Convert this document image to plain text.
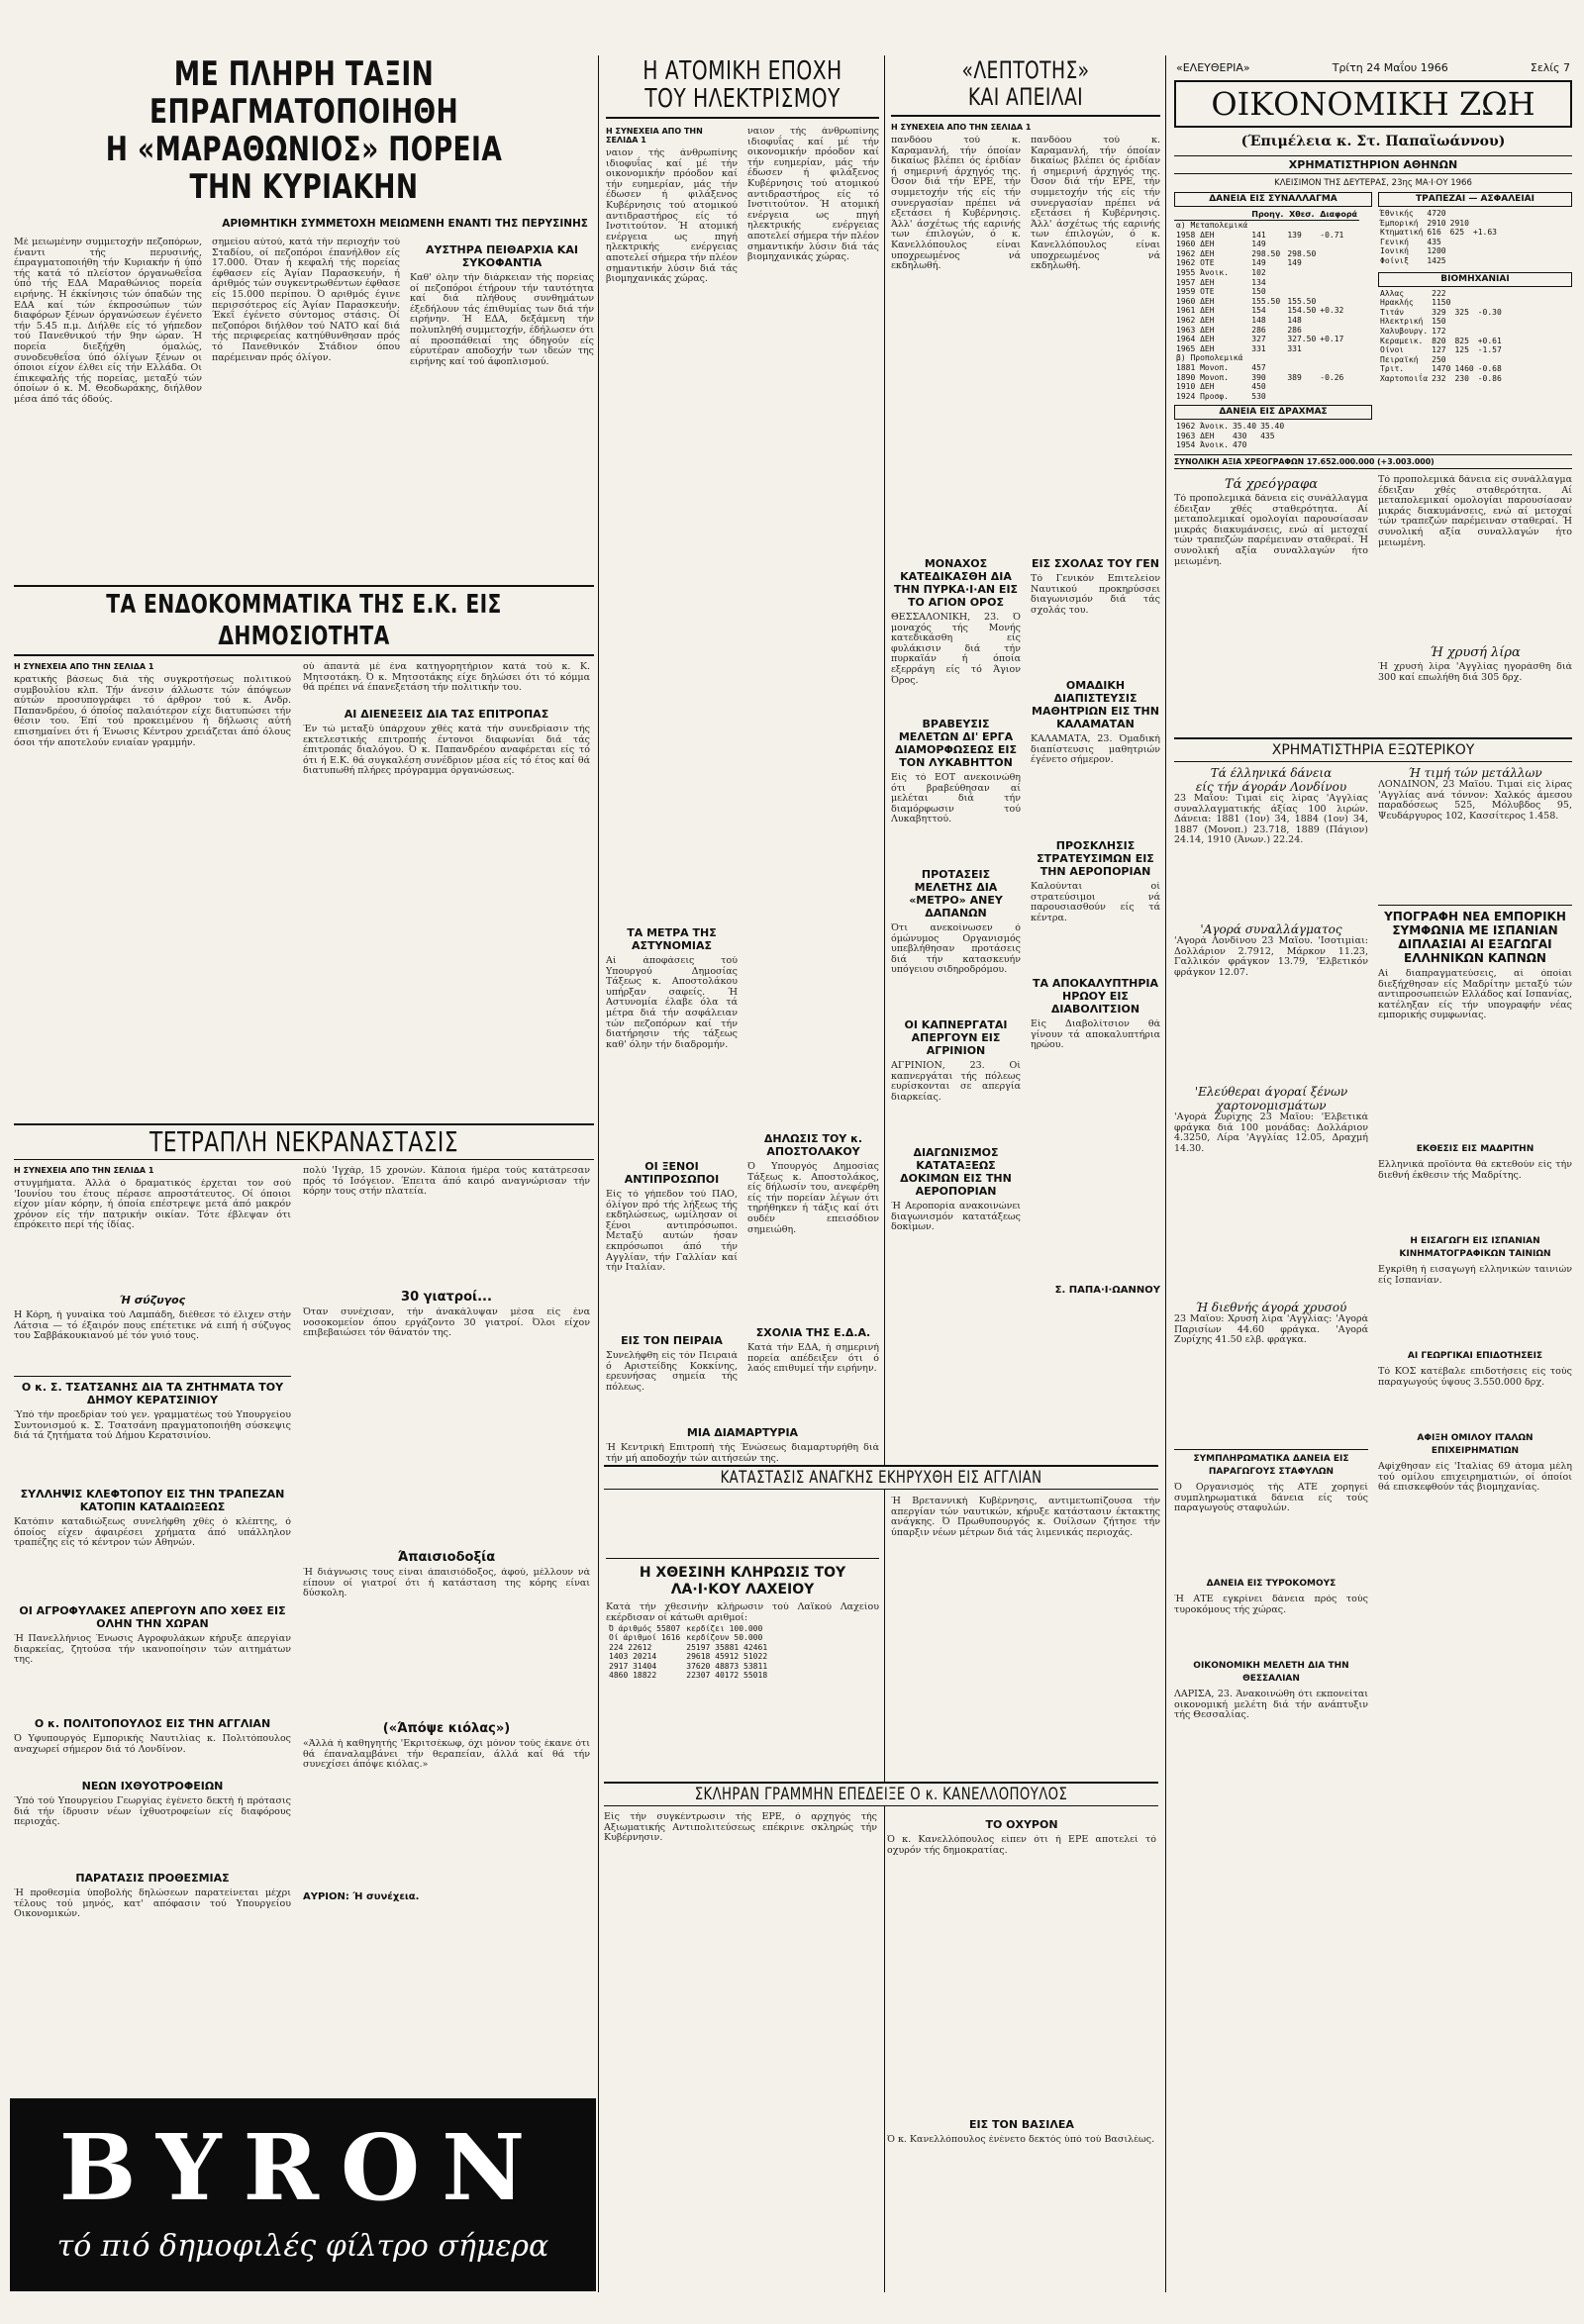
ΜΕ ΠΛΗΡΗ ΤΑΞΙΝ ΕΠΡΑΓΜΑΤΟΠΟΙΗΘΗ
Η «ΜΑΡΑΘΩΝΙΟΣ» ΠΟΡΕΙΑ ΤΗΝ ΚΥΡΙΑΚΗΝ
ΑΡΙΘΜΗΤΙΚΗ ΣΥΜΜΕΤΟΧΗ ΜΕΙΩΜΕΝΗ ΕΝΑΝΤΙ ΤΗΣ ΠΕΡΥΣΙΝΗΣ
Μέ μειωμένην συμμετοχήν πεζοπόρων, έναντι τής περυσινής, έπραγματοποιήθη τήν Κυριακήν ή ύπό τής κατά τό πλείστον όργανωθεΐσα ύπό τής ΕΔΑ Μαραθώνιος πορεία ειρήνης. Ή έκκίνησις τών όπαδών της ΕΔΑ καί τών έκπροσώπων τών διαφόρων ξένων όργανώσεων έγένετο τήν 5.45 π.μ. Διήλθε είς τό γήπεδον τού Πανεθνικού τήν 9ην ώραν. Ή πορεία διεξήχθη όμαλώς, συνοδευθεΐσα ύπό όλίγων ξένων οι όποιοι είχον έλθει είς τήν Ελλάδα. Οι έπικεφαλής τής πορείας, μεταξύ τών όποίων ό κ. Μ. Θεοδωράκης, διήλθον μέσα άπό τάς όδούς.
σημείου αύτού, κατά τήν περιοχήν τού Σταδίου, οί πεζοπόροι έπανήλθον είς 17.000. Όταν ή κεφαλή τής πορείας έφθασεν είς Άγίαν Παρασκευήν, ή άριθμός τών συγκεντρωθέντων έφθασε είς 15.000 περίπου. Ό αριθμός έγινε περισσότερος είς Άγίαν Παρασκευήν. Έκεΐ έγένετο σύντομος στάσις. Οί πεζοπόροι διήλθον τού ΝΑΤΟ καί διά τής περιφερείας κατηύθυνθησαν πρός τό Πανεθνικόν Στάδιον όπου παρέμειναν πρός όλίγον.
ΑΥΣΤΗΡΑ ΠΕΙΘΑΡΧΙΑ ΚΑΙ ΣΥΚΟΦΑΝΤΙΑ
Καθ' όλην τήν διάρκειαν τής πορείας οί πεζοπόροι έτήρουν τήν ταυτότητα καί διά πλήθους συνθημάτων έξεδήλουν τάς έπιθυμίας των διά τήν ειρήνην. Ή ΕΔΑ, δεξάμενη τήν πολυπληθή συμμετοχήν, έδήλωσεν ότι αί προσπάθειαί της όδηγούν είς εύρυτέραν αποδοχήν των ιδεών της ειρήνης καί τού άφοπλισμού.
ΤΑ ΕΝΔΟΚΟΜΜΑΤΙΚΑ ΤΗΣ Ε.Κ. ΕΙΣ ΔΗΜΟΣΙΟΤΗΤΑ
Η ΣΥΝΕΧΕΙΑ ΑΠΟ ΤΗΝ ΣΕΛΙΔΑ 1
κρατικής βάσεως διά τής συγκροτήσεως πολιτικού συμβουλίου κλπ. Τήν άνεσιν άλλωστε τών άπόψεων αύτών προσυπογράφει τό άρθρον τού κ. Ανδρ. Παπανδρέου, ό όποίος παλαιότερον είχε διατυπώσει τήν θέσιν του. Έπί τού προκειμένου ή δήλωσις αύτή επισημαίνει ότι ή Ένωσις Κέντρου χρειάζεται άπό όλους όσοι τήν αποτελούν ενιαίαν γραμμήν.
ού άπαντά μέ ένα κατηγορητήριον κατά τού κ. Κ. Μητσοτάκη. Ό κ. Μητσοτάκης είχε δηλώσει ότι τό κόμμα θά πρέπει νά έπανεξετάση τήν πολιτικήν του.
ΑΙ ΔΙΕΝΕΞΕΙΣ ΔΙΑ ΤΑΣ ΕΠΙΤΡΟΠΑΣ
Έν τώ μεταξύ ύπάρχουν χθές κατά τήν συνεδρίασιν τής εκτελεστικής επιτροπής έντονοι διαφωνίαι διά τάς έπιτροπάς διαλόγου. Ό κ. Παπανδρέου αναφέρεται είς τό ότι ή Ε.Κ. θά συγκαλέση συνέδριον μέσα είς τό έτος καί θά διατυπωθή πλήρες πρόγραμμα όργανώσεως.
ΤΕΤΡΑΠΛΗ ΝΕΚΡΑΝΑΣΤΑΣΙΣ
Η ΣΥΝΕΧΕΙΑ ΑΠΟ ΤΗΝ ΣΕΛΙΔΑ 1
στυγμήματα. Άλλά ό δραματικός έρχεται τον σού 'Ιουνίου του έτους πέρασε απροστάτευτος. Οί όποιοι είχον μίαν κόρην, ή όποία επέστρεψε μετά άπό μακρόν χρόνον είς τήν πατρικήν οικίαν. Τότε έβλεψαν ότι έπρόκειτο περί τής ίδίας.
Ή σύζυγος
Η Κόρη, ή γυναίκα τού Λαμπάδη, διέθεσε τό έλιχεν στήν Λάτσια — τό έξαιρόν πους επέτετικε νά ειπή ή σύζυγος του Σαββάκουκιανού μέ τόν γυιό τους.
Ο κ. Σ. ΤΣΑΤΣΑΝΗΣ ΔΙΑ ΤΑ ΖΗΤΗΜΑΤΑ ΤΟΥ ΔΗΜΟΥ ΚΕΡΑΤΣΙΝΙΟΥ
Ύπό τήν προεδρίαν τού γεν. γραμματέως τού Υπουργείου Συντονισμού κ. Σ. Τσατσάνη πραγματοποιήθη σύσκεψις διά τά ζητήματα τού Δήμου Κερατσινίου.
ΣΥΛΛΗΨΙΣ ΚΛΕΦΤΟΠΟΥ ΕΙΣ ΤΗΝ ΤΡΑΠΕΖΑΝ ΚΑΤΟΠΙΝ ΚΑΤΑΔΙΩΞΕΩΣ
Κατόπιν καταδιώξεως συνελήφθη χθές ό κλέπτης, ό όποίος είχεν άφαιρέσει χρήματα άπό υπάλληλον τραπέζης είς τό κέντρον τών Αθηνών.
ΟΙ ΑΓΡΟΦΥΛΑΚΕΣ ΑΠΕΡΓΟΥΝ ΑΠΟ ΧΘΕΣ ΕΙΣ ΟΛΗΝ ΤΗΝ ΧΩΡΑΝ
Ή Πανελλήνιος Ένωσις Αγροφυλάκων κήρυξε άπεργίαν διαρκείας, ζητούσα τήν ικανοποίησιν τών αιτημάτων της.
Ο κ. ΠΟΛΙΤΟΠΟΥΛΟΣ ΕΙΣ ΤΗΝ ΑΓΓΛΙΑΝ
Ό Υφυπουργός Εμπορικής Ναυτιλίας κ. Πολιτόπουλος αναχωρεί σήμερον διά τό Λονδίνον.
ΝΕΩΝ ΙΧΘΥΟΤΡΟΦΕΙΩΝ
Ύπό τού Υπουργείου Γεωργίας έγένετο δεκτή ή πρότασις διά τήν ίδρυσιν νέων ίχθυοτροφείων είς διαφόρους περιοχάς.
ΠΑΡΑΤΑΣΙΣ ΠΡΟΘΕΣΜΙΑΣ
Ή προθεσμία ύποβολής δηλώσεων παρατείνεται μέχρι τέλους τού μηνός, κατ' απόφασιν τού Υπουργείου Οικονομικών.
πολύ 'Ιγχάρ, 15 χρονών. Κάποια ήμέρα τούς κατάτρεσαν πρός τό Ισόγειον. Έπειτα άπό καιρό αναγνώρισαν τήν κόρην τους στήν πλατεία.
30 γιατροί...
Όταν συνέχισαν, τήν άνακάλυψαν μέσα είς ένα νοσοκομείον όπου εργάζοντο 30 γιατροί. Όλοι είχον επιβεβαιώσει τόν θάνατόν της.
Άπαισιοδοξία
Ή διάγνωσις τους είναι άπαισιόδοξος, άφού, μέλλουν νά είπουν οί γιατροί ότι ή κατάσταση της κόρης είναι δύσκολη.
(«Άπόψε κιόλας»)
«Άλλά ή καθηγητής 'Εκριτσέκωφ, όχι μόνον τούς έκανε ότι θά έπαναλαμβάνει τήν θεραπείαν, άλλά καί θά τήν συνεχίσει άπόψε κιόλας.»
ΑΥΡΙΟΝ: Ή συνέχεια.
BYRON
τό πιό δημοφιλές φίλτρο σήμερα
Η ΑΤΟΜΙΚΗ ΕΠΟΧΗ
ΤΟΥ ΗΛΕΚΤΡΙΣΜΟΥ
Η ΣΥΝΕΧΕΙΑ ΑΠΟ ΤΗΝ ΣΕΛΙΔΑ 1
ναιον τής άνθρωπίνης ιδιοφυΐας καί μέ τήν οικονομικήν πρόοδον καί τήν ευημερίαν, μάς τήν έδωσεν ή φιλάξενος Κυβέρνησις τού ατομικού αντιδραστήρος είς τό Ινστιτούτον. Ή ατομική ενέργεια ως πηγή ηλεκτρικής ενέργειας αποτελεί σήμερα τήν πλέον σημαντικήν λύσιν διά τάς βιομηχανικάς χώρας.
ΤΑ ΜΕΤΡΑ ΤΗΣ ΑΣΤΥΝΟΜΙΑΣ
Αί άποφάσεις τού Υπουργού Δημοσίας Τάξεως κ. Αποστολάκου υπήρξαν σαφείς. Ή Αστυνομία έλαβε όλα τά μέτρα διά τήν ασφάλειαν τών πεζοπόρων καί τήν διατήρησιν τής τάξεως καθ' όλην τήν διαδρομήν.
ΟΙ ΞΕΝΟΙ ΑΝΤΙΠΡΟΣΩΠΟΙ
Είς τό γήπεδον τού ΠΑΟ, όλίγον πρό τής λήξεως τής εκδηλώσεως, ωμίλησαν οί ξένοι αντιπρόσωποι. Μεταξύ αυτών ήσαν εκπρόσωποι άπό τήν Αγγλίαν, τήν Γαλλίαν καί τήν Ιταλίαν.
ΕΙΣ ΤΟΝ ΠΕΙΡΑΙΑ
Συνελήφθη είς τόν Πειραιά ό Αριστείδης Κοκκίνης, ερευνήσας σημεία τής πόλεως.
ναιον τής άνθρωπίνης ιδιοφυΐας καί μέ τήν οικονομικήν πρόοδον καί τήν ευημερίαν, μάς τήν έδωσεν ή φιλάξενος Κυβέρνησις τού ατομικού αντιδραστήρος είς τό Ινστιτούτον. Ή ατομική ενέργεια ως πηγή ηλεκτρικής ενέργειας αποτελεί σήμερα τήν πλέον σημαντικήν λύσιν διά τάς βιομηχανικάς χώρας.
ΔΗΛΩΣΙΣ ΤΟΥ κ. ΑΠΟΣΤΟΛΑΚΟΥ
Ό Υπουργός Δημοσίας Τάξεως κ. Αποστολάκος, είς δήλωσίν του, ανεφέρθη είς τήν πορείαν λέγων ότι τηρήθηκεν ή τάξις καί ότι ουδέν επεισόδιον σημειώθη.
ΣΧΟΛΙΑ ΤΗΣ Ε.Δ.Α.
Κατά τήν ΕΔΑ, ή σημερινή πορεία απέδειξεν ότι ό λαός επιθυμεί τήν ειρήνην.
ΜΙΑ ΔΙΑΜΑΡΤΥΡΙΑ
Ή Κεντρική Επιτροπή τής Ένώσεως διαμαρτυρήθη διά τήν μή αποδοχήν τών αιτήσεών της.
Η ΧΘΕΣΙΝΗ ΚΛΗΡΩΣΙΣ ΤΟΥ ΛΑ·Ι·ΚΟΥ ΛΑΧΕΙΟΥ
Κατά τήν χθεσινήν κλήρωσιν τού Λαϊκού Λαχείου εκέρδισαν οί κάτωθι αριθμοί:
Ό άριθμός 55807	κερδίζει 100.000
Οί άριθμοί 1616	κερδίζουν 50.000
224 22612	25197 35881 42461
1403 20214	29618 45912 51022
2917 31404	37620 48873 53811
4860 18822	22307 40172 55018
«ΛΕΠΤΟΤΗΣ»
ΚΑΙ ΑΠΕΙΛΑΙ
Η ΣΥΝΕΧΕΙΑ ΑΠΟ ΤΗΝ ΣΕΛΙΔΑ 1
πανδόου τού κ. Καραμανλή, τήν όποίαν δικαίως βλέπει ός έριδίαν ή σημερινή άρχηγός της. Όσον διά τήν ΕΡΕ, τήν συμμετοχήν τής είς τήν συνεργασίαν πρέπει νά εξετάσει ή Κυβέρνησις. Άλλ' άσχέτως τής εαρινής των έπιλογών, ό κ. Κανελλόπουλος είναι υποχρεωμένος νά εκδηλωθή.
πανδόου τού κ. Καραμανλή, τήν όποίαν δικαίως βλέπει ός έριδίαν ή σημερινή άρχηγός της. Όσον διά τήν ΕΡΕ, τήν συμμετοχήν τής είς τήν συνεργασίαν πρέπει νά εξετάσει ή Κυβέρνησις. Άλλ' άσχέτως τής εαρινής των έπιλογών, ό κ. Κανελλόπουλος είναι υποχρεωμένος νά εκδηλωθή.
ΜΟΝΑΧΟΣ ΚΑΤΕΔΙΚΑΣΘΗ ΔΙΑ ΤΗΝ ΠΥΡΚΑ·Ι·ΑΝ ΕΙΣ ΤΟ ΑΓΙΟΝ ΟΡΟΣ
ΘΕΣΣΑΛΟΝΙΚΗ, 23. Ό μοναχός τής Μονής κατεδικάσθη είς φυλάκισιν διά τήν πυρκαϊάν ή όποία εξερράγη είς τό Άγιον Όρος.
ΒΡΑΒΕΥΣΙΣ ΜΕΛΕΤΩΝ ΔΙ' ΕΡΓΑ ΔΙΑΜΟΡΦΩΣΕΩΣ ΕΙΣ ΤΟΝ ΛΥΚΑΒΗΤΤΟΝ
Είς τό ΕΟΤ ανεκοινώθη ότι βραβεύθησαν αί μελέται διά τήν διαμόρφωσιν τού Λυκαβηττού.
ΠΡΟΤΑΣΕΙΣ ΜΕΛΕΤΗΣ ΔΙΑ «ΜΕΤΡΟ» ΑΝΕΥ ΔΑΠΑΝΩΝ
Ότι ανεκοίνωσεν ό όμώνυμος Οργανισμός υπεβλήθησαν προτάσεις διά τήν κατασκευήν υπόγειου σιδηροδρόμου.
ΟΙ ΚΑΠΝΕΡΓΑΤΑΙ ΑΠΕΡΓΟΥΝ ΕΙΣ ΑΓΡΙΝΙΟΝ
ΑΓΡΙΝΙΟΝ, 23. Οί καπνεργάται τής πόλεως ευρίσκονται σε απεργία διαρκείας.
ΔΙΑΓΩΝΙΣΜΟΣ ΚΑΤΑΤΑΞΕΩΣ ΔΟΚΙΜΩΝ ΕΙΣ ΤΗΝ ΑΕΡΟΠΟΡΙΑΝ
Ή Αεροπορία ανακοινώνει διαγωνισμόν κατατάξεως δοκίμων.
ΕΙΣ ΣΧΟΛΑΣ ΤΟΥ ΓΕΝ
Τό Γενικόν Επιτελείον Ναυτικού προκηρύσσει διαγωνισμόν διά τάς σχολάς του.
ΟΜΑΔΙΚΗ ΔΙΑΠΙΣΤΕΥΣΙΣ ΜΑΘΗΤΡΙΩΝ ΕΙΣ ΤΗΝ ΚΑΛΑΜΑΤΑΝ
ΚΑΛΑΜΑΤΑ, 23. Όμαδική διαπίστευσις μαθητριών έγένετο σήμερον.
ΠΡΟΣΚΛΗΣΙΣ ΣΤΡΑΤΕΥΣΙΜΩΝ ΕΙΣ ΤΗΝ ΑΕΡΟΠΟΡΙΑΝ
Καλούνται οί στρατεύσιμοι νά παρουσιασθούν είς τά κέντρα.
ΤΑ ΑΠΟΚΑΛΥΠΤΗΡΙΑ ΗΡΩΟΥ ΕΙΣ ΔΙΑΒΟΛΙΤΣΙΟΝ
Είς Διαβολίτσιον θά γίνουν τά αποκαλυπτήρια ηρώου.
Σ. ΠΑΠΑ·Ι·ΩΑΝΝΟΥ
ΚΑΤΑΣΤΑΣΙΣ ΑΝΑΓΚΗΣ ΕΚΗΡΥΧΘΗ ΕΙΣ ΑΓΓΛΙΑΝ
Ή Βρεταννική Κυβέρνησις, αντιμετωπίζουσα τήν απεργίαν τών ναυτικών, κήρυξε κατάστασιν έκτακτης ανάγκης. Ό Πρωθυπουργός κ. Ουίλσων ζήτησε τήν ύπαρξιν νέων μέτρων διά τάς λιμενικάς περιοχάς.
ΣΚΛΗΡΑΝ ΓΡΑΜΜΗΝ ΕΠΕΔΕΙΞΕ Ο κ. ΚΑΝΕΛΛΟΠΟΥΛΟΣ
Είς τήν συγκέντρωσιν τής ΕΡΕ, ό αρχηγός τής Αξιωματικής Αντιπολιτεύσεως επέκρινε σκληρώς τήν Κυβέρνησιν.
ΤΟ ΟΧΥΡΟΝ
Ό κ. Κανελλόπουλος είπεν ότι ή ΕΡΕ αποτελεί τό οχυρόν τής δημοκρατίας.
ΕΙΣ ΤΟΝ ΒΑΣΙΛΕΑ
Ό κ. Κανελλόπουλος ένένετο δεκτός ύπό τού Βασιλέως.
«ΕΛΕΥΘΕΡΙΑ»	Τρίτη 24 Μαΐου 1966	Σελίς 7
ΟΙΚΟΝΟΜΙΚΗ ΖΩΗ
(Έπιμέλεια κ. Στ. Παπαϊωάννου)
ΧΡΗΜΑΤΙΣΤΗΡΙΟΝ ΑΘΗΝΩΝ
ΚΛΕΙΣΙΜΟΝ ΤΗΣ ΔΕΥΤΕΡΑΣ, 23ης ΜΑ·Ι·ΟΥ 1966
ΔΑΝΕΙΑ ΕΙΣ ΣΥΝΑΛΛΑΓΜΑ
	Προηγ.	Χθεσ.	Διαφορά
α) Μεταπολεμικά			
1958 ΔΕΗ	141	139	-0.71
1960 ΔΕΗ	149		
1962 ΔΕΗ	298.50	298.50	
1962 ΟΤΕ	149	149	
1955 Άνοικ.	102		
1957 ΔΕΗ	134		
1959 ΟΤΕ	150		
1960 ΔΕΗ	155.50	155.50	
1961 ΔΕΗ	154	154.50	+0.32
1962 ΔΕΗ	148	148	
1963 ΔΕΗ	286	286	
1964 ΔΕΗ	327	327.50	+0.17
1965 ΔΕΗ	331	331	
β) Προπολεμικά			
1881 Μονοπ.	457		
1890 Μονοπ.	390	389	-0.26
1910 ΔΕΗ	450		
1924 Προσφ.	530		
ΔΑΝΕΙΑ ΕΙΣ ΔΡΑΧΜΑΣ
1962 Άνοικ.	35.40	35.40	
1963 ΔΕΗ	430	435	
1954 Άνοικ.	470		
ΤΡΑΠΕΖΑΙ — ΑΣΦΑΛΕΙΑΙ
Έθνικής	4720		
Έμπορική	2910	2910	
Κτηματική	616	625	+1.63
Γενική	435		
Ιονική	1200		
Φοίνιξ	1425		
ΒΙΟΜΗΧΑΝΙΑΙ
Αλλας	222		
Ηρακλής	1150		
Τιτάν	329	325	-0.30
Ηλεκτρική	150		
Χαλυβουργ.	172		
Κεραμεικ.	820	825	+0.61
Οίνοι	127	125	-1.57
Πειραϊκή	250		
Τριτ.	1470	1460	-0.68
Χαρτοποιΐα	232	230	-0.86
ΣΥΝΟΛΙΚΗ ΑΞΙΑ ΧΡΕΟΓΡΑΦΩΝ 17.652.000.000 (+3.003.000)
Τά χρεόγραφα
Τό προπολεμικά δάνεια είς συνάλλαγμα έδειξαν χθές σταθερότητα. Αί μεταπολεμικαί ομολογίαι παρουσίασαν μικράς διακυμάνσεις, ενώ αί μετοχαί τών τραπεζών παρέμειναν σταθεραί. Ή συνολική αξία συναλλαγών ήτο μειωμένη.
Τό προπολεμικά δάνεια είς συνάλλαγμα έδειξαν χθές σταθερότητα. Αί μεταπολεμικαί ομολογίαι παρουσίασαν μικράς διακυμάνσεις, ενώ αί μετοχαί τών τραπεζών παρέμειναν σταθεραί. Ή συνολική αξία συναλλαγών ήτο μειωμένη.
Ή χρυσή λίρα
Ή χρυσή λίρα 'Αγγλίας ηγοράσθη διά 300 καί επωλήθη διά 305 δρχ.
ΧΡΗΜΑΤΙΣΤΗΡΙΑ ΕΞΩΤΕΡΙΚΟΥ
Τά έλληνικά δάνεια
είς τήν άγοράν Λονδίνου
23 Μαΐου: Τιμαί είς λίρας 'Αγγλίας συναλλαγματικής άξίας 100 λιρών. Δάνεια: 1881 (1ον) 34, 1884 (1ον) 34, 1887 (Μονοπ.) 23.718, 1889 (Πάγιον) 24.14, 1910 (Άνων.) 22.24.
'Αγορά συναλλάγματος
'Αγορά Λονδίνου 23 Μαΐου. 'Ισοτιμίαι: Δολλάριον 2.7912, Μάρκον 11.23, Γαλλικόν φράγκον 13.79, 'Ελβετικόν φράγκον 12.07.
'Ελεύθεραι άγοραί ξένων χαρτονομισμάτων
'Αγορά Ζυρίχης 23 Μαΐου: 'Ελβετικά φράγκα διά 100 μονάδας: Δολλάριον 4.3250, Λίρα 'Αγγλίας 12.05, Δραχμή 14.30.
Ή διεθνής άγορά χρυσού
23 Μαΐου: Χρυσή λίρα 'Αγγλίας: 'Αγορά Παρισίων 44.60 φράγκα. 'Αγορά Ζυρίχης 41.50 ελβ. φράγκα.
ΣΥΜΠΛΗΡΩΜΑΤΙΚΑ ΔΑΝΕΙΑ ΕΙΣ ΠΑΡΑΓΩΓΟΥΣ ΣΤΑΦΥΛΩΝ
Ό Οργανισμός τής ΑΤΕ χορηγεί συμπληρωματικά δάνεια είς τούς παραγωγούς σταφυλών.
ΔΑΝΕΙΑ ΕΙΣ ΤΥΡΟΚΟΜΟΥΣ
Ή ΑΤΕ εγκρίνει δάνεια πρός τούς τυροκόμους τής χώρας.
ΟΙΚΟΝΟΜΙΚΗ ΜΕΛΕΤΗ ΔΙΑ ΤΗΝ ΘΕΣΣΑΛΙΑΝ
ΛΑΡΙΣΑ, 23. Άνακοινώθη ότι εκπονείται οικονομική μελέτη διά τήν ανάπτυξιν τής Θεσσαλίας.
Ή τιμή τών μετάλλων
ΛΟΝΔΙΝΟΝ, 23 Μαΐου. Τιμαί είς λίρας 'Αγγλίας ανά τόννον: Χαλκός άμεσου παραδόσεως 525, Μόλυβδος 95, Ψευδάργυρος 102, Κασσίτερος 1.458.
ΥΠΟΓΡΑΦΗ ΝΕΑ ΕΜΠΟΡΙΚΗ ΣΥΜΦΩΝΙΑ ΜΕ ΙΣΠΑΝΙΑΝ ΔΙΠΛΑΣΙΑΙ ΑΙ ΕΞΑΓΩΓΑΙ ΕΛΛΗΝΙΚΩΝ ΚΑΠΝΩΝ
Αί διαπραγματεύσεις, αί όποίαι διεξήχθησαν είς Μαδρίτην μεταξύ τών αντιπροσωπειών Ελλάδος καί Ισπανίας, κατέληξαν είς τήν υπογραφήν νέας εμπορικής συμφωνίας.
ΕΚΘΕΣΙΣ ΕΙΣ ΜΑΔΡΙΤΗΝ
Ελληνικά προϊόντα θά εκτεθούν είς τήν διεθνή έκθεσιν τής Μαδρίτης.
Η ΕΙΣΑΓΩΓΗ ΕΙΣ ΙΣΠΑΝΙΑΝ ΚΙΝΗΜΑΤΟΓΡΑΦΙΚΩΝ ΤΑΙΝΙΩΝ
Εγκρίθη ή εισαγωγή ελληνικών ταινιών είς Ισπανίαν.
ΑΙ ΓΕΩΡΓΙΚΑΙ ΕΠΙΔΟΤΗΣΕΙΣ
Τό ΚΟΣ κατέβαλε επιδοτήσεις είς τούς παραγωγούς ύψους 3.550.000 δρχ.
ΑΦΙΞΗ ΟΜΙΛΟΥ ΙΤΑΛΩΝ ΕΠΙΧΕΙΡΗΜΑΤΙΩΝ
Αφίχθησαν είς 'Ιταλίας 69 άτομα μέλη τού ομίλου επιχειρηματιών, οί όποίοι θά επισκεφθούν τάς βιομηχανίας.
